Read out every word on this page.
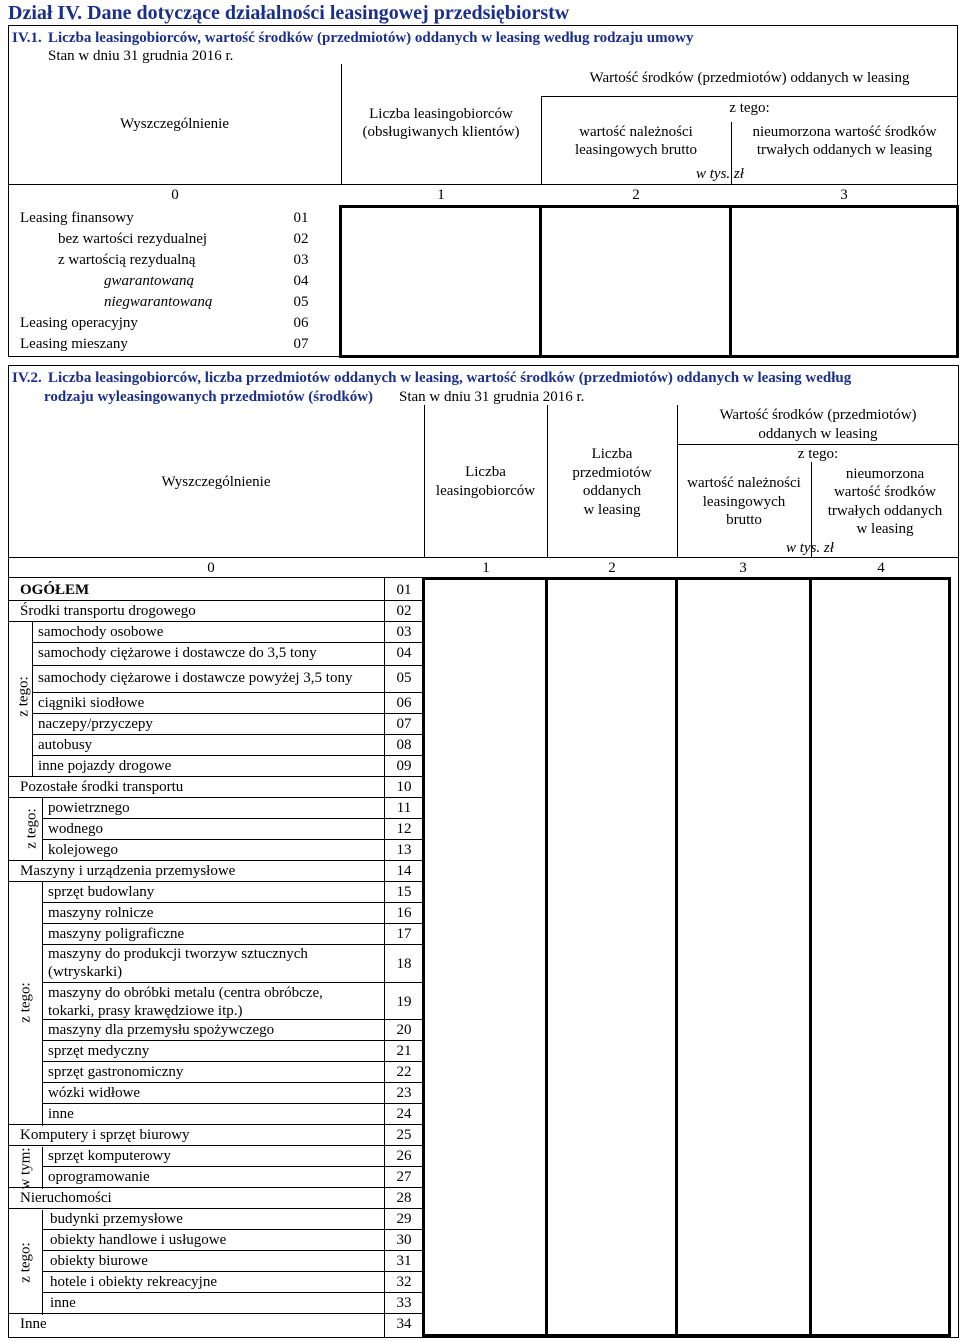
Dział IV. Dane dotyczące działalności leasingowej przedsiębiorstw
IV.1. Liczba leasingobiorców, wartość środków (przedmiotów) oddanych w leasing według rodzaju umowy
Stan w dniu 31 grudnia 2016 r.
Wyszczególnienie
Liczba leasingobiorców
(obsługiwanych klientów)
Wartość środków (przedmiotów) oddanych w leasing
z tego:
wartość należności
leasingowych brutto
nieumorzona wartość środków
trwałych oddanych w leasing
w tys. zł
0	1	2	3
Leasing finansowy	01
bez wartości rezydualnej	02
z wartością rezydualną	03
gwarantowaną	04
niegwarantowaną	05
Leasing operacyjny	06
Leasing mieszany	07
IV.2. Liczba leasingobiorców, liczba przedmiotów oddanych w leasing, wartość środków (przedmiotów) oddanych w leasing według
rodzaju wyleasingowanych przedmiotów (środków) Stan w dniu 31 grudnia 2016 r.
Wyszczególnienie
Liczba
leasingobiorców
Liczba
przedmiotów
oddanych
w leasing
Wartość środków (przedmiotów)
oddanych w leasing
z tego:
wartość należności
leasingowych
brutto
nieumorzona
wartość środków
trwałych oddanych
w leasing
w tys. zł
0	1	2	3	4
z tego:
z tego:
z tego:
w tym:
z tego:
OGÓŁEM	01
Środki transportu drogowego	02
samochody osobowe	03
samochody ciężarowe i dostawcze do 3,5 tony	04
samochody ciężarowe i dostawcze powyżej 3,5 tony	05
ciągniki siodłowe	06
naczepy/przyczepy	07
autobusy	08
inne pojazdy drogowe	09
Pozostałe środki transportu	10
powietrznego	11
wodnego	12
kolejowego	13
Maszyny i urządzenia przemysłowe	14
sprzęt budowlany	15
maszyny rolnicze	16
maszyny poligraficzne	17
maszyny do produkcji tworzyw sztucznych
(wtryskarki)	18
maszyny do obróbki metalu (centra obróbcze,
tokarki, prasy krawędziowe itp.)
19
maszyny dla przemysłu spożywczego	20
sprzęt medyczny	21
sprzęt gastronomiczny	22
wózki widłowe	23
inne	24
Komputery i sprzęt biurowy	25
sprzęt komputerowy	26
oprogramowanie	27
Nieruchomości	28
budynki przemysłowe	29
obiekty handlowe i usługowe	30
obiekty biurowe	31
hotele i obiekty rekreacyjne	32
inne	33
Inne	34
